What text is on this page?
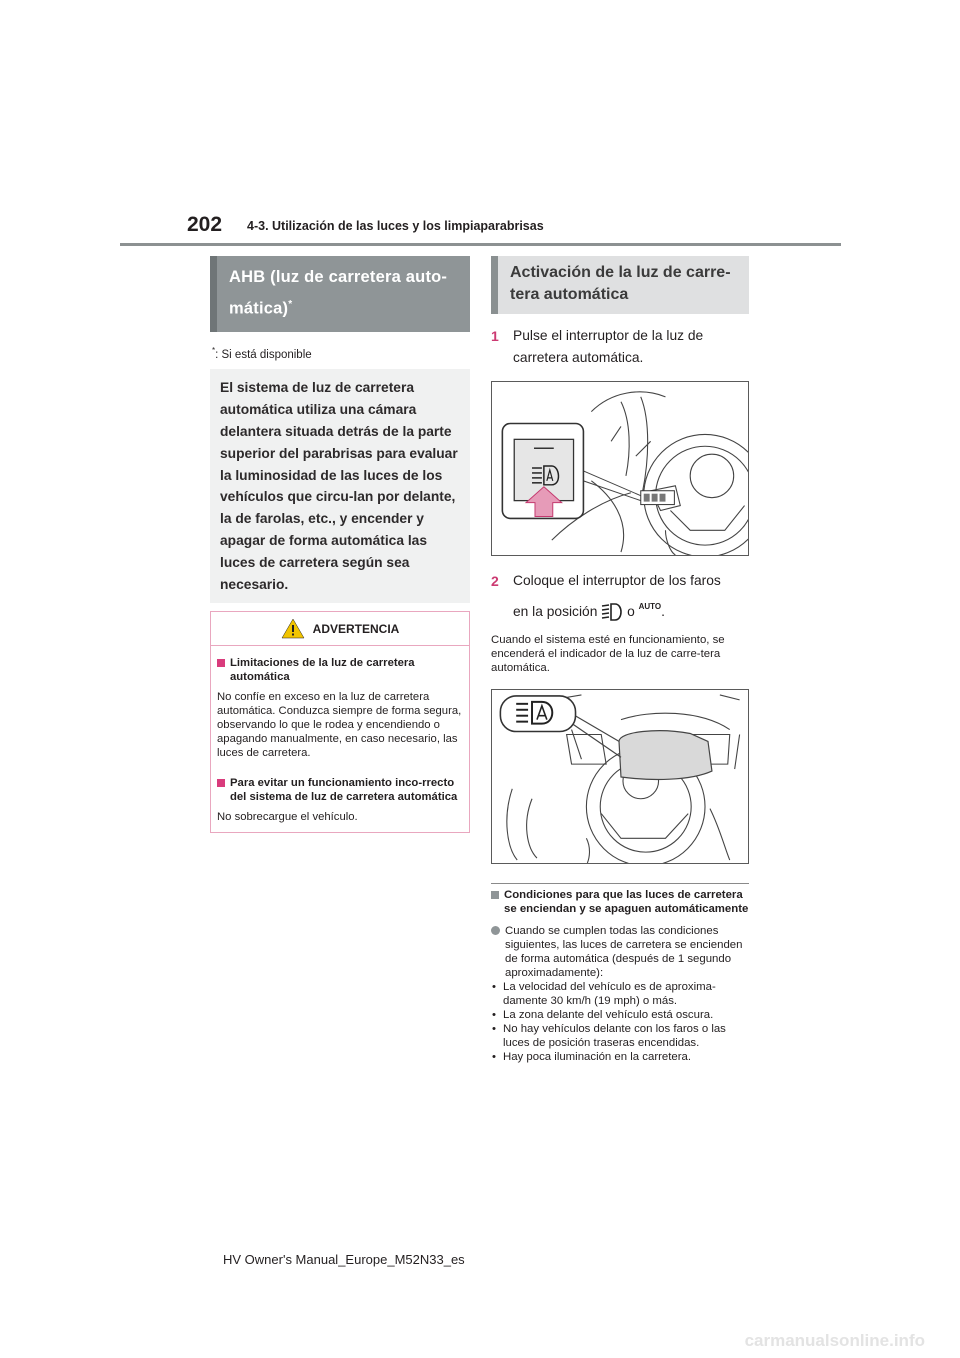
202 4-3. Utilización de las luces y los limpiaparabrisas
AHB (luz de carretera auto-
mática)*
*: Si está disponible
El sistema de luz de carretera automática utiliza una cámara delantera situada detrás de la parte superior del parabrisas para evaluar la luminosidad de las luces de los vehículos que circu-lan por delante, la de farolas, etc., y encender y apagar de forma automática las luces de carretera según sea necesario.
ADVERTENCIA
Limitaciones de la luz de carretera automática
No confíe en exceso en la luz de carretera automática. Conduzca siempre de forma segura, observando lo que le rodea y encendiendo o apagando manualmente, en caso necesario, las luces de carretera.
Para evitar un funcionamiento inco-rrecto del sistema de luz de carretera automática
No sobrecargue el vehículo.
Activación de la luz de carre-
tera automática
1	Pulse el interruptor de la luz de carretera automática.
2	Coloque el interruptor de los faros
en la posición o $^{AUTO}$.
Cuando el sistema esté en funcionamiento, se encenderá el indicador de la luz de carre-tera automática.
Condiciones para que las luces de carretera se enciendan y se apaguen automáticamente
Cuando se cumplen todas las condiciones siguientes, las luces de carretera se encienden de forma automática (después de 1 segundo aproximadamente):
• La velocidad del vehículo es de aproxima-damente 30 km/h (19 mph) o más.
• La zona delante del vehículo está oscura.
• No hay vehículos delante con los faros o las luces de posición traseras encendidas.
• Hay poca iluminación en la carretera.
HV Owner's Manual_Europe_M52N33_es
carmanualsonline.info
